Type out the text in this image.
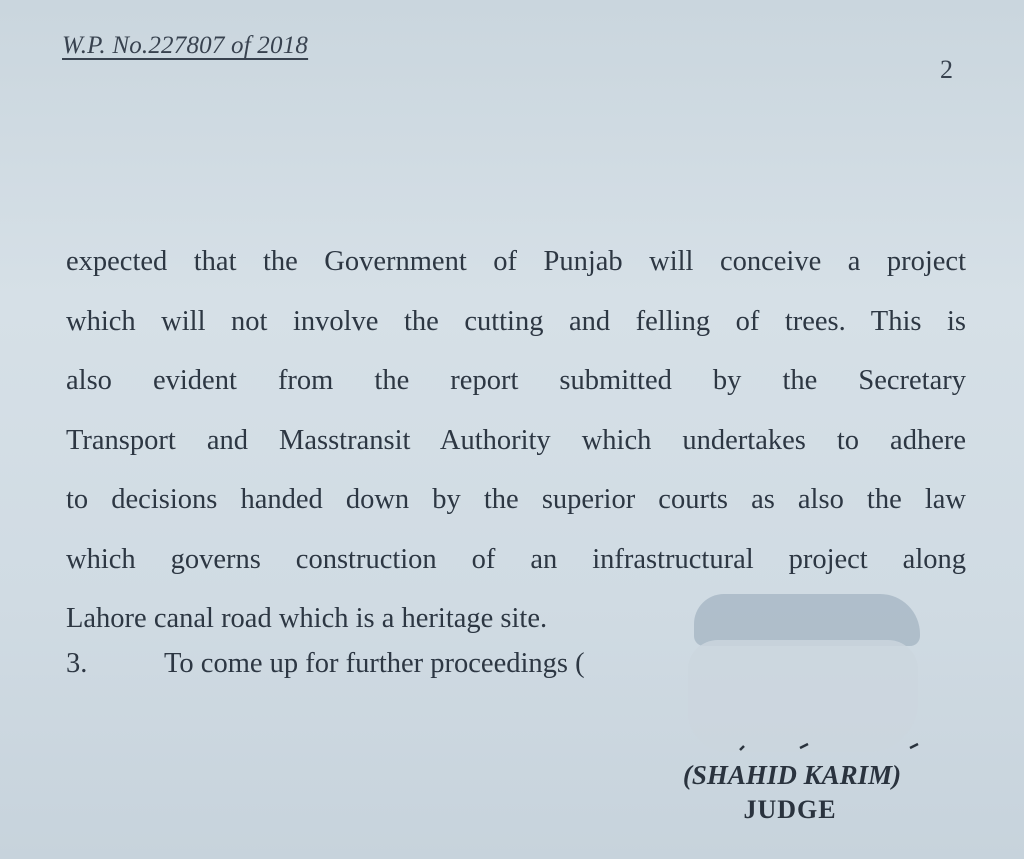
W.P. No.227807 of 2018
2
expected that the Government of Punjab will conceive a project
which will not involve the cutting and felling of trees. This is
also evident from the report submitted by the Secretary
Transport and Masstransit Authority which undertakes to adhere
to decisions handed down by the superior courts as also the law
which governs construction of an infrastructural project along
Lahore canal road which is a heritage site.
3.	To come up for further proceedings (
(SHAHID KARIM)
JUDGE
